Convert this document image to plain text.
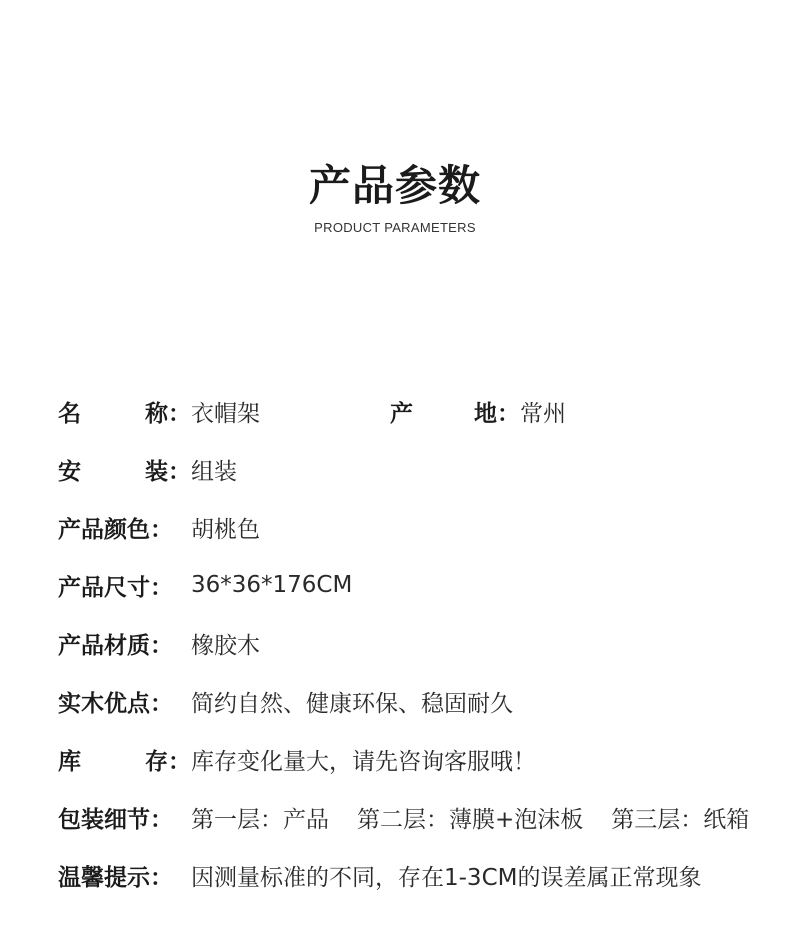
产品参数
PRODUCT PARAMETERS
名	称： 衣帽架	产	地： 常州
安	装： 组装
产品颜色： 胡桃色
产品尺寸： 36*36*176CM
产品材质： 橡胶木
实木优点： 简约自然、健康环保、稳固耐久
库	存： 库存变化量大，请先咨询客服哦！
包装细节： 第一层：产品 第二层：薄膜+泡沫板 第三层：纸箱
温馨提示： 因测量标准的不同，存在1-3CM的误差属正常现象
